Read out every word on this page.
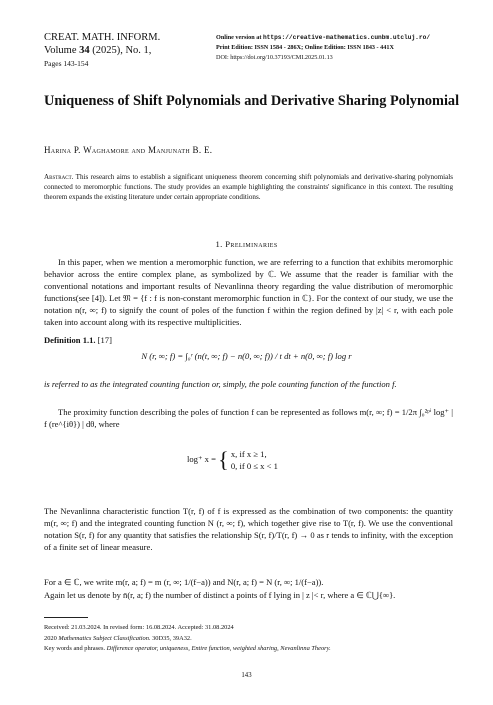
CREAT. MATH. INFORM.
Volume 34 (2025), No. 1,
Pages 143-154
Online version at https://creative-mathematics.cunbm.utcluj.ro/
Print Edition: ISSN 1584 - 286X; Online Edition: ISSN 1843 - 441X
DOI: https://doi.org/10.37193/CMI.2025.01.13
Uniqueness of Shift Polynomials and Derivative Sharing Polynomial
Harina P. Waghamore and Manjunath B. E.
Abstract. This research aims to establish a significant uniqueness theorem concerning shift polynomials and derivative-sharing polynomials connected to meromorphic functions. The study provides an example highlighting the constraints' significance in this context. The resulting theorem expands the existing literature under certain appropriate conditions.
1. Preliminaries
In this paper, when we mention a meromorphic function, we are referring to a function that exhibits meromorphic behavior across the entire complex plane, as symbolized by ℂ. We assume that the reader is familiar with the conventional notations and important results of Nevanlinna theory regarding the value distribution of meromorphic functions(see [4]). Let 𝔐 = {f : f is non-constant meromorphic function in ℂ}. For the context of our study, we use the notation n(r, ∞; f) to signify the count of poles of the function f within the region defined by |z| < r, with each pole taken into account along with its respective multiplicities.
Definition 1.1. [17]
N (r, ∞; f) = ∫₀ʳ (n(t, ∞; f) − n(0, ∞; f)) / t dt + n(0, ∞; f) log r
is referred to as the integrated counting function or, simply, the pole counting function of the function f.
The proximity function describing the poles of function f can be represented as follows m(r, ∞; f) = 1/2π ∫₀²ᵖⁱ log⁺ | f (re^{iθ}) | dθ, where
log⁺ x = { x, if x ≥ 1,
0, if 0 ≤ x < 1
The Nevanlinna characteristic function T(r, f) of f is expressed as the combination of two components: the quantity m(r, ∞; f) and the integrated counting function N (r, ∞; f), which together give rise to T(r, f). We use the conventional notation S(r, f) for any quantity that satisfies the relationship S(r, f)/T(r, f) → 0 as r tends to infinity, with the exception of a finite set of linear measure.
For a ∈ ℂ, we write m(r, a; f) = m (r, ∞; 1/(f−a)) and N(r, a; f) = N (r, ∞; 1/(f−a)).
Again let us denote by n̄(r, a; f) the number of distinct a points of f lying in | z |< r, where a ∈ ℂ⋃{∞}.
Received: 21.03.2024. In revised form: 16.08.2024. Accepted: 31.08.2024
2020 Mathematics Subject Classification. 30D35, 39A32.
Key words and phrases. Difference operator, uniqueness, Entire function, weighted sharing, Nevanlinna Theory.
143
